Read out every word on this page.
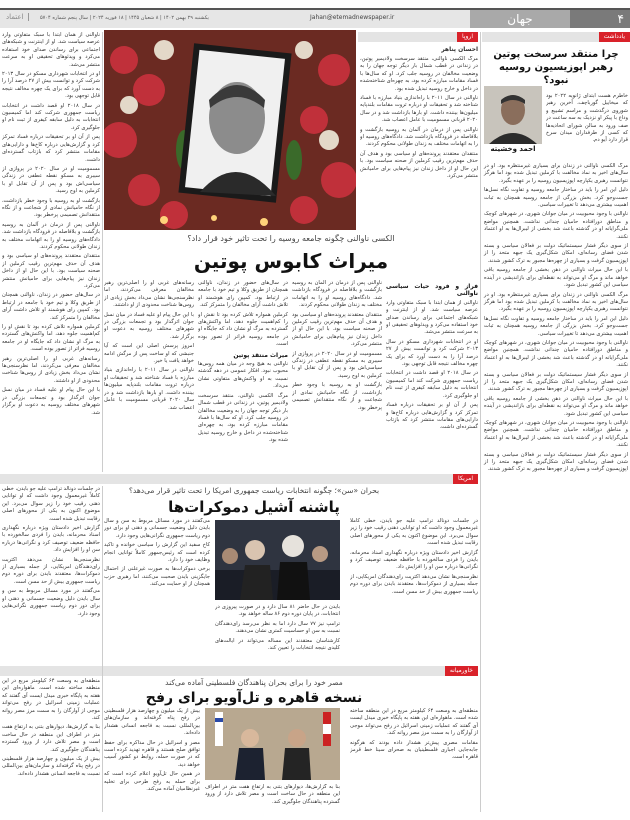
۴
جهان
Jahan@etemadnewspaper.ir
یکشنبه ۲۹ بهمن ۱۴۰۲ | ۸ شعبان ۱۴۴۵ | ۱۸ فوریه ۲۰۲۴ | سال پنجم شماره ۵۷۰۴
اعتماد
یادداشت
چرا منتقد سرسخت پوتین رهبر اپوزیسیون روسیه نبود؟
احمد وخشیته

خاطرم هست ابتدای ژانویه ۲۰۲۲ بود که میخاییل گورباچف، آخرین رهبر شوروی درگذشت و مراسم تشییع و وداع با پیکر او نزدیک به سه ساعت در صف ورود به سالن شورای اتحادیه‌ها که کسی از طرفداران میدان سرخ قرار دارد آیو دم.

مرگ الکسی ناوالنی در زندان برای بسیاری غیرمنتظره بود. او در سال‌های اخیر به نماد مخالفت با کرملین تبدیل شده بود اما هرگز نتوانست رهبری یکپارچه اپوزیسیون روسیه را بر عهده بگیرد.

دلیل این امر را باید در ساختار جامعه روسیه و تفاوت نگاه نسل‌ها جست‌وجو کرد. بخش بزرگی از جامعه روسیه همچنان به ثبات اهمیت بیشتری می‌دهد تا تغییرات سیاسی.

ناوالنی با وجود محبوبیت در میان جوانان شهری، در شهرهای کوچک و مناطق دورافتاده حامیان چندانی نداشت. همچنین مواضع ملی‌گرایانه او در گذشته باعث شد بخشی از لیبرال‌ها به او اعتماد نکنند.

از سوی دیگر فشار سیستماتیک دولت بر فعالان سیاسی و بسته شدن فضای رسانه‌ای، امکان شکل‌گیری یک جبهه متحد را از اپوزیسیون گرفت و بسیاری از چهره‌ها مجبور به ترک کشور شدند.

با این حال میراث ناوالنی در ذهن بخشی از جامعه روسیه باقی خواهد ماند و مرگ او می‌تواند به نقطه‌ای برای بازاندیشی در آینده سیاسی این کشور تبدیل شود.

مرگ الکسی ناوالنی در زندان برای بسیاری غیرمنتظره بود. او در سال‌های اخیر به نماد مخالفت با کرملین تبدیل شده بود اما هرگز نتوانست رهبری یکپارچه اپوزیسیون روسیه را بر عهده بگیرد.

دلیل این امر را باید در ساختار جامعه روسیه و تفاوت نگاه نسل‌ها جست‌وجو کرد. بخش بزرگی از جامعه روسیه همچنان به ثبات اهمیت بیشتری می‌دهد تا تغییرات سیاسی.

ناوالنی با وجود محبوبیت در میان جوانان شهری، در شهرهای کوچک و مناطق دورافتاده حامیان چندانی نداشت. همچنین مواضع ملی‌گرایانه او در گذشته باعث شد بخشی از لیبرال‌ها به او اعتماد نکنند.

از سوی دیگر فشار سیستماتیک دولت بر فعالان سیاسی و بسته شدن فضای رسانه‌ای، امکان شکل‌گیری یک جبهه متحد را از اپوزیسیون گرفت و بسیاری از چهره‌ها مجبور به ترک کشور شدند.

با این حال میراث ناوالنی در ذهن بخشی از جامعه روسیه باقی خواهد ماند و مرگ او می‌تواند به نقطه‌ای برای بازاندیشی در آینده سیاسی این کشور تبدیل شود.

ناوالنی با وجود محبوبیت در میان جوانان شهری، در شهرهای کوچک و مناطق دورافتاده حامیان چندانی نداشت. همچنین مواضع ملی‌گرایانه او در گذشته باعث شد بخشی از لیبرال‌ها به او اعتماد نکنند.

از سوی دیگر فشار سیستماتیک دولت بر فعالان سیاسی و بسته شدن فضای رسانه‌ای، امکان شکل‌گیری یک جبهه متحد را از اپوزیسیون گرفت و بسیاری از چهره‌ها مجبور به ترک کشور شدند.

اروپا
احسان پناهر

مرگ الکسی ناوالنی، منتقد سرسخت ولادیمیر پوتین، در زندانی در قطب شمال بار دیگر توجه جهان را به وضعیت مخالفان در روسیه جلب کرد. او که سال‌ها با فساد مقامات مبارزه کرده بود، به چهره‌ای شناخته‌شده در داخل و خارج روسیه تبدیل شده بود.

ناوالنی در سال ۲۰۱۱ با راه‌اندازی بنیاد مبارزه با فساد شناخته شد و تحقیقات او درباره ثروت مقامات بلندپایه میلیون‌ها بیننده داشت. او بارها بازداشت شد و در سال ۲۰۲۰ قربانی مسمومیت با عامل اعصاب شد.

ناوالنی پس از درمان در آلمان به روسیه بازگشت و بلافاصله در فرودگاه بازداشت شد. دادگاه‌های روسیه او را به اتهامات مختلف به زندان طولانی محکوم کردند.

منتقدان معتقدند پرونده‌های او سیاسی بود و هدف آن حذف مهم‌ترین رقیب کرملین از صحنه سیاست بود. با این حال او از داخل زندان نیز پیام‌هایی برای حامیانش منتشر می‌کرد.

الکسی ناوالنی چگونه جامعه روسیه را تحت تاثیر خود قرار داد؟
میراث کابوس پوتین
فراز و فرود حیات سیاسی ناوالنی

ناوالنی از همان ابتدا با سبک متفاوتی وارد عرصه سیاست شد. او از اینترنت و شبکه‌های اجتماعی برای رساندن صدای خود استفاده می‌کرد و ویدئوهای تحقیقی او به سرعت منتشر می‌شد.

او در انتخابات شهرداری مسکو در سال ۲۰۱۳ شرکت کرد و توانست بیش از ۲۷ درصد آرا را به دست آورد که برای یک چهره مخالف نتیجه قابل توجهی بود.

در سال ۲۰۱۸ او قصد داشت در انتخابات ریاست جمهوری شرکت کند اما کمیسیون انتخابات به دلیل سابقه کیفری از ثبت نام او جلوگیری کرد.

پس از آن او بر تحقیقات درباره فساد تمرکز کرد و گزارش‌هایی درباره کاخ‌ها و دارایی‌های مقامات منتشر کرد که بازتاب گسترده‌ای داشت.

ناوالنی پس از درمان در آلمان به روسیه بازگشت و بلافاصله در فرودگاه بازداشت شد. دادگاه‌های روسیه او را به اتهامات مختلف به زندان طولانی محکوم کردند.

منتقدان معتقدند پرونده‌های او سیاسی بود و هدف آن حذف مهم‌ترین رقیب کرملین از صحنه سیاست بود. با این حال او از داخل زندان نیز پیام‌هایی برای حامیانش منتشر می‌کرد.

مسمومیت او در سال ۲۰۲۰ در پروازی از سیبری به مسکو نقطه عطفی در زندگی سیاسی‌اش بود و پس از آن تقابل او با کرملین به اوج رسید.

بازگشت او به روسیه با وجود خطر بازداشت، از نگاه حامیانش نمادی از شجاعت و از نگاه منتقدانش تصمیمی پرخطر بود.

در سال‌های حضور در زندان، ناوالنی همچنان از طریق وکلا و تیم خود با جامعه در ارتباط بود. کمپین رای هوشمند او تلاش داشت آرای مخالفان را متمرکز کند.

کرملین همواره تلاش کرده بود تا نقش او را کم‌اهمیت جلوه دهد، اما واکنش‌های گسترده به مرگ او نشان داد که جایگاه او در جامعه روسیه فراتر از تصور بوده است.

میراث منتقد پوتین

ناوالنی به هیچ وجه در میان همه روس‌ها محبوب نبود. افکار عمومی در دهه گذشته نسبت به او واکنش‌های متفاوتی نشان می‌داد.

مرگ الکسی ناوالنی، منتقد سرسخت ولادیمیر پوتین، در زندانی در قطب شمال بار دیگر توجه جهان را به وضعیت مخالفان در روسیه جلب کرد. او که سال‌ها با فساد مقامات مبارزه کرده بود، به چهره‌ای شناخته‌شده در داخل و خارج روسیه تبدیل شده بود.

رسانه‌های غربی او را اصلی‌ترین رهبر مخالفان معرفی می‌کردند، اما نظرسنجی‌ها نشان می‌داد بخش زیادی از روس‌ها شناخت محدودی از او داشتند.

با این حال پیام او علیه فساد در میان نسل جوان اثرگذار بود و تجمعات بزرگی در شهرهای مختلف روسیه به دعوت او برگزار شد.

امروز پرسش اصلی این است که آیا جنبشی که او ساخت پس از مرگش ادامه خواهد یافت یا خیر.

ناوالنی در سال ۲۰۱۱ با راه‌اندازی بنیاد مبارزه با فساد شناخته شد و تحقیقات او درباره ثروت مقامات بلندپایه میلیون‌ها بیننده داشت. او بارها بازداشت شد و در سال ۲۰۲۰ قربانی مسمومیت با عامل اعصاب شد.

ناوالنی از همان ابتدا با سبک متفاوتی وارد عرصه سیاست شد. او از اینترنت و شبکه‌های اجتماعی برای رساندن صدای خود استفاده می‌کرد و ویدئوهای تحقیقی او به سرعت منتشر می‌شد.

او در انتخابات شهرداری مسکو در سال ۲۰۱۳ شرکت کرد و توانست بیش از ۲۷ درصد آرا را به دست آورد که برای یک چهره مخالف نتیجه قابل توجهی بود.

در سال ۲۰۱۸ او قصد داشت در انتخابات ریاست جمهوری شرکت کند اما کمیسیون انتخابات به دلیل سابقه کیفری از ثبت نام او جلوگیری کرد.

پس از آن او بر تحقیقات درباره فساد تمرکز کرد و گزارش‌هایی درباره کاخ‌ها و دارایی‌های مقامات منتشر کرد که بازتاب گسترده‌ای داشت.

مسمومیت او در سال ۲۰۲۰ در پروازی از سیبری به مسکو نقطه عطفی در زندگی سیاسی‌اش بود و پس از آن تقابل او با کرملین به اوج رسید.

بازگشت او به روسیه با وجود خطر بازداشت، از نگاه حامیانش نمادی از شجاعت و از نگاه منتقدانش تصمیمی پرخطر بود.

ناوالنی پس از درمان در آلمان به روسیه بازگشت و بلافاصله در فرودگاه بازداشت شد. دادگاه‌های روسیه او را به اتهامات مختلف به زندان طولانی محکوم کردند.

منتقدان معتقدند پرونده‌های او سیاسی بود و هدف آن حذف مهم‌ترین رقیب کرملین از صحنه سیاست بود. با این حال او از داخل زندان نیز پیام‌هایی برای حامیانش منتشر می‌کرد.

در سال‌های حضور در زندان، ناوالنی همچنان از طریق وکلا و تیم خود با جامعه در ارتباط بود. کمپین رای هوشمند او تلاش داشت آرای مخالفان را متمرکز کند.

کرملین همواره تلاش کرده بود تا نقش او را کم‌اهمیت جلوه دهد، اما واکنش‌های گسترده به مرگ او نشان داد که جایگاه او در جامعه روسیه فراتر از تصور بوده است.

رسانه‌های غربی او را اصلی‌ترین رهبر مخالفان معرفی می‌کردند، اما نظرسنجی‌ها نشان می‌داد بخش زیادی از روس‌ها شناخت محدودی از او داشتند.

با این حال پیام او علیه فساد در میان نسل جوان اثرگذار بود و تجمعات بزرگی در شهرهای مختلف روسیه به دعوت او برگزار شد.

امریکا
بحران «سن»؛ چگونه انتخابات ریاست جمهوری امریکا را تحت تاثیر قرار می‌دهد؟
پاشنه آشیل دموکرات‌ها

در جلسات دونالد ترامپ علیه جو بایدن، خطی کاملاً غیرمعمول وجود داشت که او توانایی ذهنی رقیب خود را زیر سوال می‌برد. این موضوع اکنون به یکی از محورهای اصلی رقابت تبدیل شده است.

گزارش اخیر دادستان ویژه درباره نگهداری اسناد محرمانه، بایدن را فردی سالخورده با حافظه ضعیف توصیف کرد و نگرانی‌ها درباره سن او را افزایش داد.

نظرسنجی‌ها نشان می‌دهد اکثریت رای‌دهندگان امریکایی، از جمله بسیاری از دموکرات‌ها، معتقدند بایدن برای دوره دوم ریاست جمهوری بیش از حد مسن است.

بایدن در حال حاضر ۸۱ سال دارد و در صورت پیروزی در انتخابات، در پایان دوره دوم ۸۶ ساله خواهد بود.

ترامپ نیز ۷۷ سال دارد اما به نظر می‌رسد رای‌دهندگان نسبت به سن او حساسیت کمتری نشان می‌دهند.

کارشناسان معتقدند این مساله می‌تواند در ایالت‌های کلیدی نتیجه انتخابات را تعیین کند.

می‌گفتند در مورد مسائل مربوط به سن و سال بایدن دلیل وضعیت جسمانی و ذهنی او برای دور دوم ریاست جمهوری نگرانی‌هایی وجود دارد.

کاخ سفید این گزارش را سیاسی خوانده و تاکید کرده است که رئیس‌جمهور کاملاً توانایی انجام وظایف خود را دارد.

برخی دموکرات‌ها به صورت غیرعلنی از احتمال جایگزینی بایدن صحبت می‌کنند، اما رهبری حزب همچنان از او حمایت می‌کند.

در جلسات دونالد ترامپ علیه جو بایدن، خطی کاملاً غیرمعمول وجود داشت که او توانایی ذهنی رقیب خود را زیر سوال می‌برد. این موضوع اکنون به یکی از محورهای اصلی رقابت تبدیل شده است.

گزارش اخیر دادستان ویژه درباره نگهداری اسناد محرمانه، بایدن را فردی سالخورده با حافظه ضعیف توصیف کرد و نگرانی‌ها درباره سن او را افزایش داد.

نظرسنجی‌ها نشان می‌دهد اکثریت رای‌دهندگان امریکایی، از جمله بسیاری از دموکرات‌ها، معتقدند بایدن برای دوره دوم ریاست جمهوری بیش از حد مسن است.

می‌گفتند در مورد مسائل مربوط به سن و سال بایدن دلیل وضعیت جسمانی و ذهنی او برای دور دوم ریاست جمهوری نگرانی‌هایی وجود دارد.

خاورمیانه
مصر خود را برای بحران پناهندگان فلسطینی آماده می‌کند
نسخه قاهره و تل‌آویو برای رفح

منطقه‌ای به وسعت ۶۴ کیلومتر مربع در این منطقه ساخته شده است. ماهواره‌ای این هفته به پایگاه خبری میدل ایست آی گفتند که عملیات زمینی اسرائیل در رفح می‌تواند موجی از آوارگان را به سمت مرز مصر روانه کند.

مقامات مصری پیش‌تر هشدار داده بودند که هرگونه جابه‌جایی اجباری فلسطینیان به صحرای سینا خط قرمز قاهره است.

بنا به گزارش‌ها، دیوارهای بتنی به ارتفاع هفت متر در اطراف این منطقه در حال ساخت است و مصر تلاش دارد از ورود گسترده پناهندگان جلوگیری کند.

بیش از یک میلیون و چهارصد هزار فلسطینی در رفح پناه گرفته‌اند و سازمان‌های بین‌المللی نسبت به فاجعه انسانی هشدار داده‌اند.

مصر و اسرائیل در حال مذاکره برای حفظ توافق صلح هستند و قاهره تهدید کرده است که در صورت حمله، روابط دو کشور آسیب خواهد دید.

در همین حال تل‌آویو اعلام کرده است که برای حمله به رفح طرحی برای تخلیه غیرنظامیان آماده می‌کند.

منطقه‌ای به وسعت ۶۴ کیلومتر مربع در این منطقه ساخته شده است. ماهواره‌ای این هفته به پایگاه خبری میدل ایست آی گفتند که عملیات زمینی اسرائیل در رفح می‌تواند موجی از آوارگان را به سمت مرز مصر روانه کند.

بنا به گزارش‌ها، دیوارهای بتنی به ارتفاع هفت متر در اطراف این منطقه در حال ساخت است و مصر تلاش دارد از ورود گسترده پناهندگان جلوگیری کند.

بیش از یک میلیون و چهارصد هزار فلسطینی در رفح پناه گرفته‌اند و سازمان‌های بین‌المللی نسبت به فاجعه انسانی هشدار داده‌اند.
